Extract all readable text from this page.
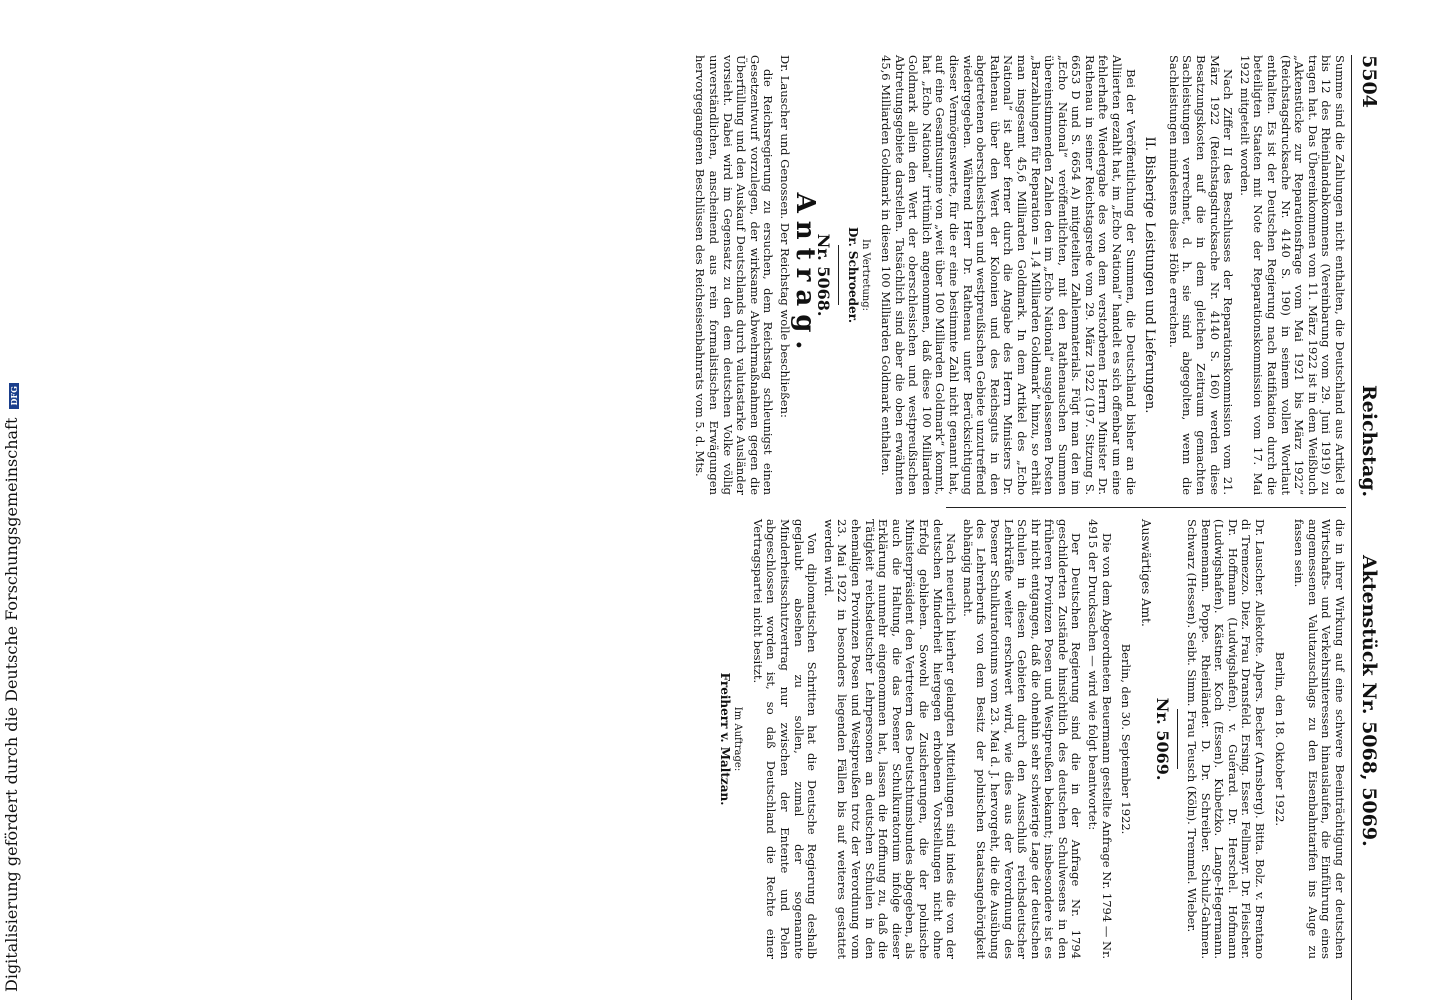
5504
Reichstag.
Aktenstück Nr. 5068, 5069.

Summe sind die Zahlungen nicht enthalten, die Deutschland aus Artikel 8 bis 12 des Rheinlandabkommens (Vereinbarung vom 29. Juni 1919) zu tragen hat. Das Übereinkommen vom 11. März 1922 ist in dem Weißbuch „Aktenstücke zur Reparationsfrage vom Mai 1921 bis März 1922“ (Reichstagsdrucksache Nr. 4140 S. 190) in seinem vollen Wortlaut enthalten. Es ist der Deutschen Regierung nach Ratifikation durch die beteiligten Staaten mit Note der Reparationskommission vom 17. Mai 1922 mitgeteilt worden.

Nach Ziffer II des Beschlusses der Reparationskommission vom 21. März 1922 (Reichstagsdrucksache Nr. 4140 S. 160) werden diese Besatzungskosten auf die in dem gleichen Zeitraum gemachten Sachleistungen verrechnet, d. h. sie sind abgegolten, wenn die Sachleistungen mindestens diese Höhe erreichen.

II. Bisherige Leistungen und Lieferungen.

Bei der Veröffentlichung der Summen, die Deutschland bisher an die Alliierten gezahlt hat, im „Echo National“ handelt es sich offenbar um eine fehlerhafte Wiedergabe des von dem verstorbenen Herrn Minister Dr. Rathenau in seiner Reichstagsrede vom 29. März 1922 (197. Sitzung S. 6653 D und S. 6654 A) mitgeteilten Zahlenmaterials. Fügt man den im „Echo National“ veröffentlichten, mit den Rathenauschen Summen übereinstimmenden Zahlen den im „Echo National“ ausgelassenen Posten „Barzahlungen für Reparation = 1,4 Milliarden Goldmark“ hinzu, so erhält man insgesamt 45,6 Milliarden Goldmark. In dem Artikel des „Echo National“ ist aber ferner durch die Angabe des Herrn Ministers Dr. Rathenau über den Wert der Kolonien und des Reichsguts in den abgetretenen oberschlesischen und westpreußischen Gebiete unzutreffend wiedergegeben. Während Herr Dr. Rathenau unter Berücksichtigung dieser Vermögenswerte, für die er eine bestimmte Zahl nicht genannt hat, auf eine Gesamtsumme von „weit über 100 Milliarden Goldmark“ kommt, hat „Echo National“ irrtümlich angenommen, daß diese 100 Milliarden Goldmark allein den Wert der oberschlesischen und westpreußischen Abtretungsgebiete darstellen. Tatsächlich sind aber die oben erwähnten 45,6 Milliarden Goldmark in diesen 100 Milliarden Goldmark enthalten.

In Vertretung:
Dr. Schroeder.
Nr. 5068.
Antrag.

Dr. Lauscher und Genossen. Der Reichstag wolle beschließen:

die Reichsregierung zu ersuchen, dem Reichstag schleunigst einen Gesetzentwurf vorzulegen, der wirksame Abwehrmaßnahmen gegen die Überfüllung und den Auskauf Deutschlands durch valutastarke Ausländer vorsieht. Dabei wird im Gegensatz zu den dem deutschen Volke völlig unverständlichen, anscheinend aus rein formalistischen Erwägungen hervorgegangenen Beschlüssen des Reichseisenbahnrats vom 5. d. Mts.

die in ihrer Wirkung auf eine schwere Beeinträchtigung der deutschen Wirtschafts- und Verkehrsinteressen hinauslaufen, die Einführung eines angemessenen Valutazuschlags zu den Eisenbahntarifen ins Auge zu fassen sein.

Berlin, den 18. Oktober 1922.

Dr. Lauscher. Allekotte. Alpers. Becker (Arnsberg). Bitta. Bolz. v. Brentano di Tremezzo. Diez. Frau Dransfeld. Ersing. Esser. Fellmayr. Dr. Fleischer. Dr. Hoffmann (Ludwigshafen). v. Guérard. Dr. Herschel. Hofmann (Ludwigshafen). Kästner. Koch (Essen). Kubetzko. Lange-Hegermann. Bennemann. Poppe. Rheinländer. D. Dr. Schreiber. Schulz-Gahmen. Schwarz (Hessen). Seibt. Simm. Frau Teusch (Köln). Tremmel. Wieber.

Nr. 5069.
Auswärtiges Amt.
Berlin, den 30. September 1922.

Die von dem Abgeordneten Beuermann gestellte Anfrage Nr. 1794 — Nr. 4915 der Drucksachen — wird wie folgt beantwortet:

Der Deutschen Regierung sind die in der Anfrage Nr. 1794 geschilderten Zustände hinsichtlich des deutschen Schulwesens in den früheren Provinzen Posen und Westpreußen bekannt; insbesondere ist es ihr nicht entgangen, daß die ohnehin sehr schwierige Lage der deutschen Schulen in diesen Gebieten durch den Ausschluß reichsdeutscher Lehrkräfte weiter erschwert wird, wie dies aus der Verordnung des Posener Schulkuratoriums vom 23. Mai d. J. hervorgeht, die die Ausübung des Lehrerberufs von dem Besitz der polnischen Staatsangehörigkeit abhängig macht.

Nach neuerlich hierher gelangten Mitteilungen sind indes die von der deutschen Minderheit hiergegen erhobenen Vorstellungen nicht ohne Erfolg geblieben. Sowohl die Zusicherungen, die der polnische Ministerpräsident den Vertretern des Deutschtumsbundes abgegeben, als auch die Haltung, die das Posener Schulkuratorium infolge dieser Erklärung nunmehr eingenommen hat, lassen die Hoffnung zu, daß die Tätigkeit reichsdeutscher Lehrpersonen an deutschen Schulen in den ehemaligen Provinzen Posen und Westpreußen trotz der Verordnung vom 23. Mai 1922 in besonders liegenden Fällen bis auf weiteres gestattet werden wird.

Von diplomatischen Schritten hat die Deutsche Regierung deshalb geglaubt absehen zu sollen, zumal der sogenannte Minderheitsschutzvertrag nur zwischen der Entente und Polen abgeschlossen worden ist, so daß Deutschland die Rechte einer Vertragspartei nicht besitzt.

Im Auftrage:
Freiherr v. Maltzan.
Digitalisierung gefördert durch die Deutsche Forschungsgemeinschaft DFG
